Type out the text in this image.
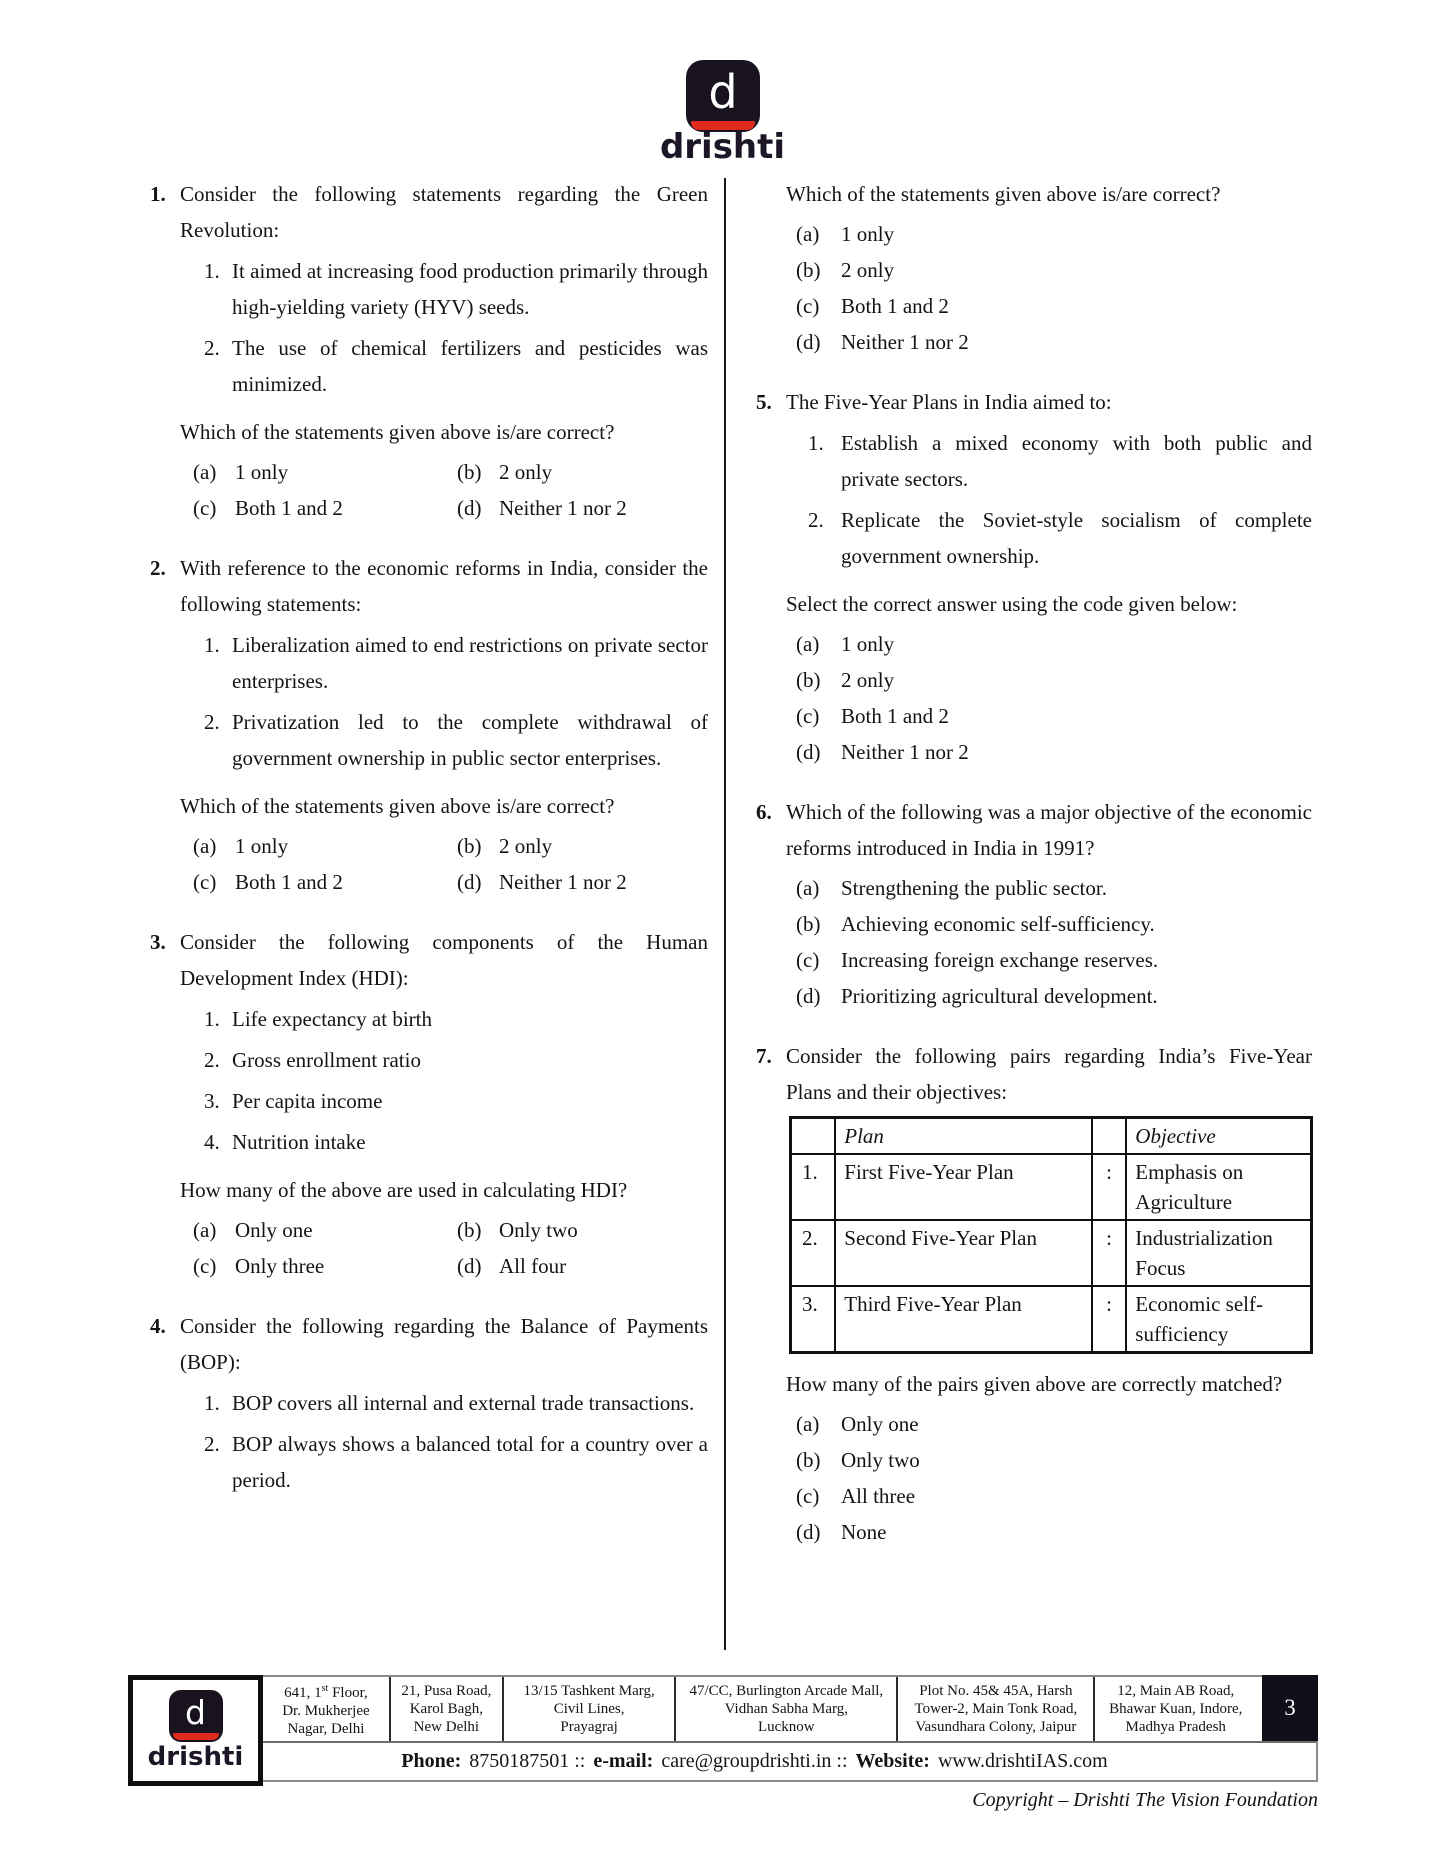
d
drishti
1. Consider the following statements regarding the Green Revolution:
1. It aimed at increasing food production primarily through high-yielding variety (HYV) seeds.
2. The use of chemical fertilizers and pesticides was minimized.
Which of the statements given above is/are correct?
(a) 1 only	(b) 2 only
(c) Both 1 and 2	(d) Neither 1 nor 2
2. With reference to the economic reforms in India, consider the following statements:
1. Liberalization aimed to end restrictions on private sector enterprises.
2. Privatization led to the complete withdrawal of government ownership in public sector enterprises.
Which of the statements given above is/are correct?
(a) 1 only	(b) 2 only
(c) Both 1 and 2	(d) Neither 1 nor 2
3. Consider the following components of the Human Development Index (HDI):
1. Life expectancy at birth
2. Gross enrollment ratio
3. Per capita income
4. Nutrition intake
How many of the above are used in calculating HDI?
(a) Only one	(b) Only two
(c) Only three	(d) All four
4. Consider the following regarding the Balance of Payments (BOP):
1. BOP covers all internal and external trade transactions.
2. BOP always shows a balanced total for a country over a period.
Which of the statements given above is/are correct?
(a)	1 only
(b) 2 only
(c)	Both 1 and 2
(d) Neither 1 nor 2
5. The Five-Year Plans in India aimed to:
1. Establish a mixed economy with both public and private sectors.
2. Replicate the Soviet-style socialism of complete government ownership.
Select the correct answer using the code given below:
(a)	1 only
(b) 2 only
(c)	Both 1 and 2
(d) Neither 1 nor 2
6. Which of the following was a major objective of the economic reforms introduced in India in 1991?
(a)	Strengthening the public sector.
(b) Achieving economic self-sufficiency.
(c)	Increasing foreign exchange reserves.
(d) Prioritizing agricultural development.
7. Consider the following pairs regarding India’s Five-Year Plans and their objectives:
	Plan		Objective
1.	First Five-Year Plan	:	Emphasis on Agriculture
2.	Second Five-Year Plan	:	Industrialization Focus
3.	Third Five-Year Plan	:	Economic self-sufficiency
How many of the pairs given above are correctly matched?
(a)	Only one
(b) Only two
(c)	All three
(d) None
d
drishti
641, 1st Floor,
Dr. Mukherjee
Nagar, Delhi
21, Pusa Road,
Karol Bagh,
New Delhi
13/15 Tashkent Marg,
Civil Lines,
Prayagraj
47/CC, Burlington Arcade Mall,
Vidhan Sabha Marg,
Lucknow
Plot No. 45& 45A, Harsh
Tower-2, Main Tonk Road,
Vasundhara Colony, Jaipur
12, Main AB Road,
Bhawar Kuan, Indore,
Madhya Pradesh
Phone: 8750187501 :: e-mail: care@groupdrishti.in :: Website: www.drishtiIAS.com
3
Copyright – Drishti The Vision Foundation
